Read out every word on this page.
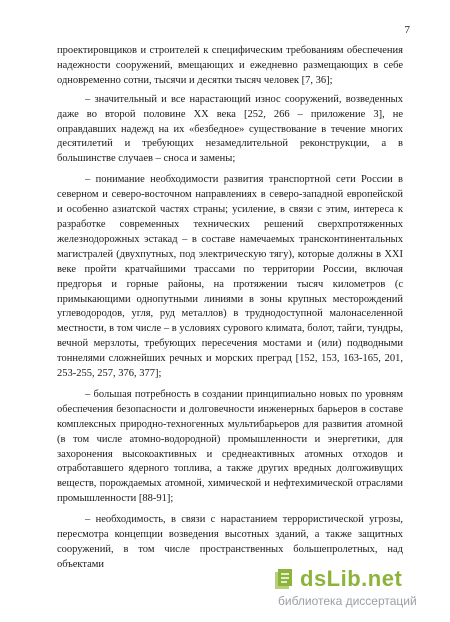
7

проектировщиков и строителей к специфическим требованиям обеспечения надежности сооружений, вмещающих и ежедневно размещающих в себе одновременно сотни, тысячи и десятки тысяч человек [7, 36];

– значительный и все нарастающий износ сооружений, возведенных даже во второй половине XX века [252, 266 – приложение 3], не оправдавших надежд на их «безбедное» существование в течение многих десятилетий и требующих незамедлительной реконструкции, а в большинстве случаев – сноса и замены;

– понимание необходимости развития транспортной сети России в северном и северо-восточном направлениях в северо-западной европейской и особенно азиатской частях страны; усиление, в связи с этим, интереса к разработке современных технических решений сверхпротяженных железнодорожных эстакад – в составе намечаемых трансконтинентальных магистралей (двухпутных, под электрическую тягу), которые должны в XXI веке пройти кратчайшими трассами по территории России, включая предгорья и горные районы, на протяжении тысяч километров (с примыкающими однопутными линиями в зоны крупных месторождений углеводородов, угля, руд металлов) в труднодоступной малонаселенной местности, в том числе – в условиях сурового климата, болот, тайги, тундры, вечной мерзлоты, требующих пересечения мостами и (или) подводными тоннелями сложнейших речных и морских преград [152, 153, 163-165, 201, 253-255, 257, 376, 377];

– большая потребность в создании принципиально новых по уровням обеспечения безопасности и долговечности инженерных барьеров в составе комплексных природно-техногенных мультибарьеров для развития атомной (в том числе атомно-водородной) промышленности и энергетики, для захоронения высокоактивных и среднеактивных атомных отходов и отработавшего ядерного топлива, а также других вредных долгоживущих веществ, порождаемых атомной, химической и нефтехимической отраслями промышленности [88-91];

– необходимость, в связи с нарастанием террористической угрозы, пересмотра концепции возведения высотных зданий, а также защитных сооружений, в том числе пространственных большепролетных, над объектами

dsLib.net
библиотека диссертаций
